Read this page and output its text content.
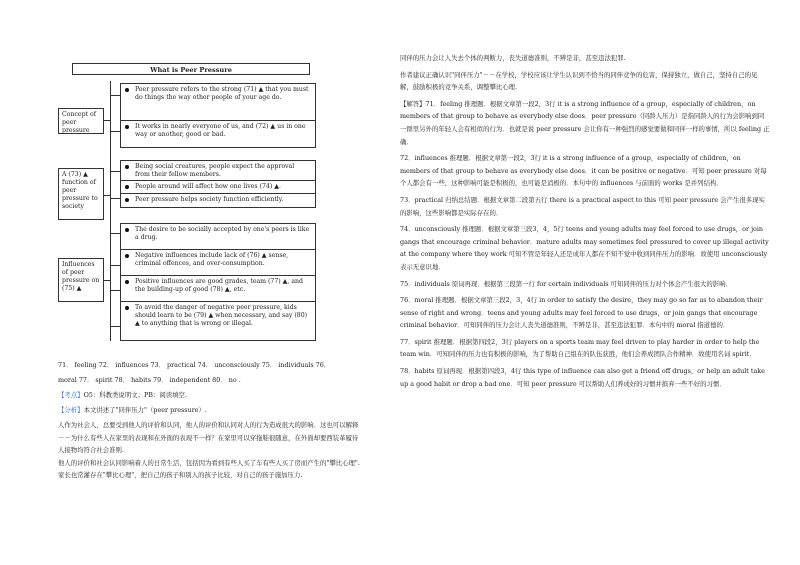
What is Peer Pressure
Concept of peer pressure
A (73) ▲ function of peer pressure to society
Influences of peer pressure on (75) ▲
Peer pressure refers to the strong (71) ▲ that you must do things the way other people of your age do.
It works in nearly everyone of us, and (72) ▲ us in one way or another, good or bad.
Being social creatures, people expect the approval from their fellow members.
People around will affect how one lives (74) ▲.
Peer pressure helps society function efficiently.
The desire to be socially accepted by one's peers is like a drug.
Negative influences include lack of (76) ▲ sense, criminal offences, and over-consumption.
Positive influences are good grades, team (77) ▲, and the building-up of good (78) ▲, etc.
To avoid the danger of negative peer pressure, kids should learn to be (79) ▲ when necessary, and say (80) ▲ to anything that is wrong or illegal.
71． feeling 72． influences 73． practical 74． unconsciously 75． individuals 76．
moral 77． spirit 78． habits 79． independent 80． no .
【考点】O5：科教类说明文；PB：阅读填空.
【分析】本文讲述了"同伴压力"（peer pressure）.
人作为社会人，总要受到他人的评价和认同，他人的评价和认同对人的行为造成很大的影响．这也可以解释
－－为什么有些人在家里的表现和在外面的表现不一样？在家里可以穿拖鞋很随意，在外面却要西装革履待
人接物均符合社会准则.
他人的评价和社会认同影响着人的日常生活，包括因为看到有些人买了车有些人买了房而产生的"攀比心理".
家长也常灌存在"攀比心理"，把自己的孩子和别人的孩子比较，对自己的孩子施加压力.

同伴的压力会让人失去个体的判断力，丧失道德准则，不辨是非，甚至违法犯罪.

作者建议正确认识"同伴压力"－－在学校，学校应该让学生认识到不恰当的同伴竞争的危害，保持独立，做自己，坚持自己的见解，鼓励积极的竞争关系，调整攀比心理.

【解答】71．feeling 推理题．根据文章第一段2，3行 it is a strong influence of a group，especially of children，on members of that group to behave as everybody else does．peer pressure（同龄人压力）是指同龄人的行为会影响到同一群里另外的年轻人会有相似的行为．也就是说 peer pressure 会让你有一种强烈的感觉要做和同伴一样的事情，所以 feeling 正确．

72．influences 推理题．根据文章第一段2，3行 it is a strong influence of a group，especially of children，on members of that group to behave as everybody else does．it can be positive or negative．可知 peer pressure 对每个人都会有一些，这种影响可能是积极的，也可能是消极的．本句中的 influences 与前面的 works 是并列结构．

73．practical 归纳总结题．根据文章第二段第五行 there is a practical aspect to this 可知 peer pressure 会产生很多现实的影响，这些影响都是实际存在的．

74．unconsciously 推理题．根据文章第三段3，4，5行 teens and young adults may feel forced to use drugs，or join gangs that encourage criminal behavior．mature adults may sometimes feel pressured to cover up illegal activity at the company where they work 可知不管是年轻人还是成年人都在不知不觉中收到同伴压力的影响．故使用 unconsciously 表示无意识地．

75．individuals 原词再现．根据第三段第一行 for certain individuals 可知同伴的压力对个体会产生很大的影响．

76．moral 推理题．根据文章第三段2，3，4行 in order to satisfy the desire，they may go so far as to abandon their sense of right and wrong．teens and young adults may feel forced to use drugs，or join gangs that encourage criminal behavior．可知同伴的压力会让人丧失道德准则，不辨是非，甚至违法犯罪．本句中的 moral 指道德的．

77．spirit 推理题．根据第四段2，3行 players on a sports team may feel driven to play harder in order to help the team win．可知同伴的压力也有积极的影响，为了帮助自己组在的队伍获胜，他们会养成团队合作精神．故使用名词 spirit．

78．habits 原词再现．根据第四段3，4行 this type of influence can also get a friend off drugs，or help an adult take up a good habit or drop a bad one．可知 peer pressure 可以帮助人们养成好的习惯并摈弃一些不好的习惯．
